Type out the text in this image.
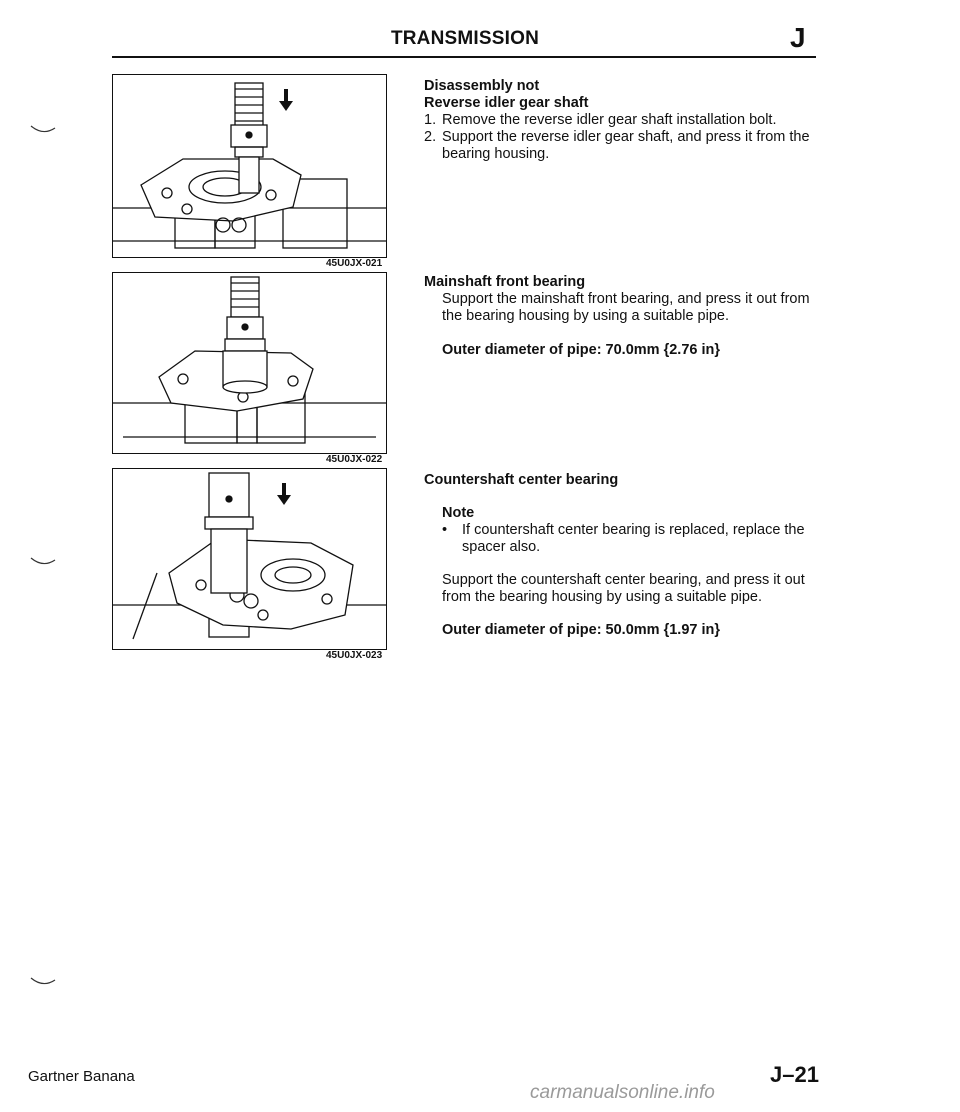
TRANSMISSION	J
45U0JX-021
45U0JX-022
45U0JX-023
Disassembly not
Reverse idler gear shaft
1. Remove the reverse idler gear shaft installation bolt.
2. Support the reverse idler gear shaft, and press it from the bearing housing.
Mainshaft front bearing
Support the mainshaft front bearing, and press it out from the bearing housing by using a suitable pipe.
Outer diameter of pipe: 70.0mm {2.76 in}
Countershaft center bearing
Note
•	If countershaft center bearing is replaced, replace the spacer also.
Support the countershaft center bearing, and press it out from the bearing housing by using a suitable pipe.
Outer diameter of pipe: 50.0mm {1.97 in}
Gartner Banana	J–21
carmanualsonline.info
